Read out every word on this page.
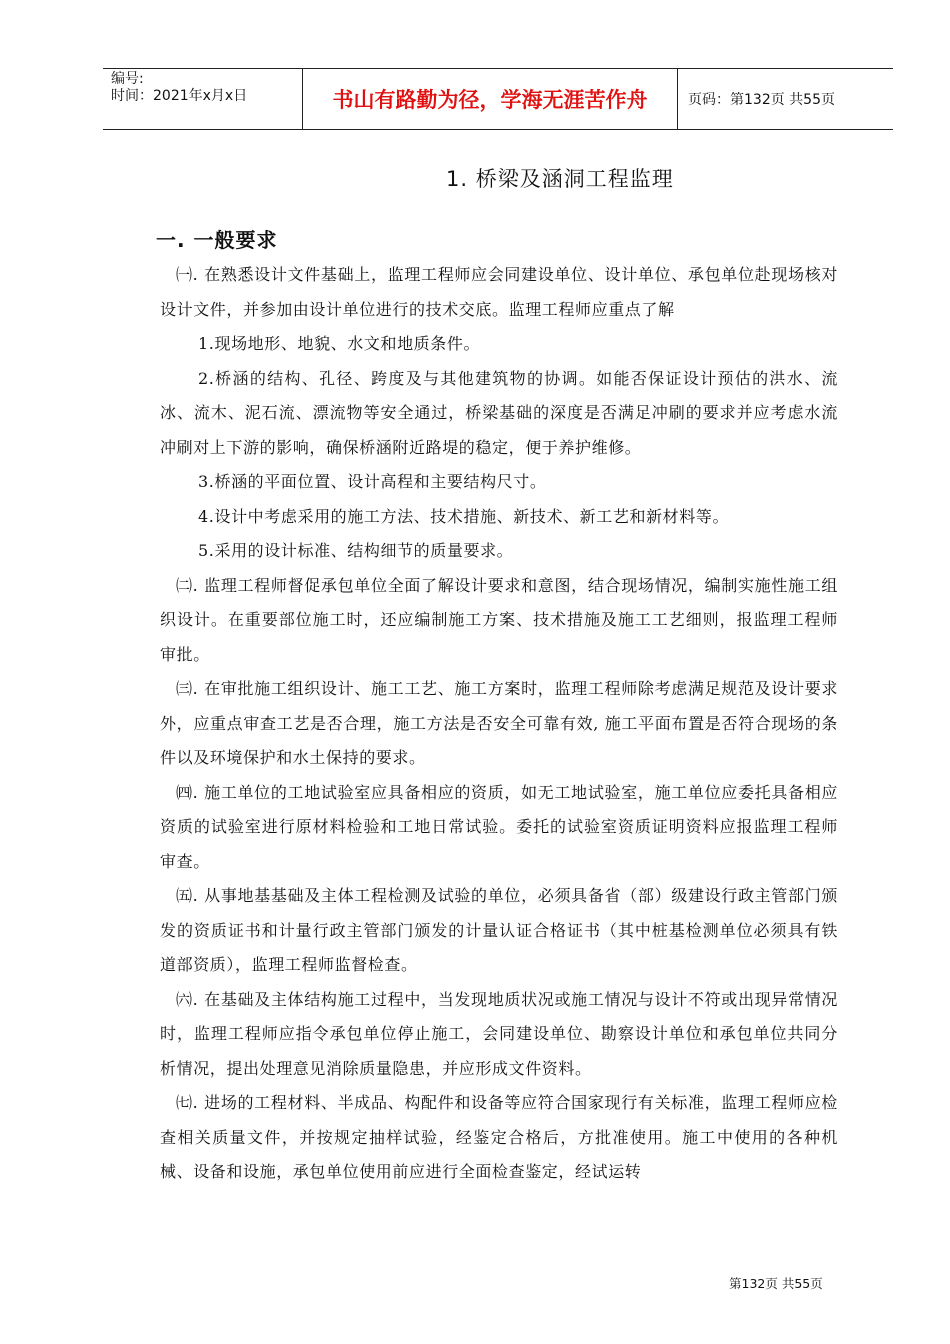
编号:
时间：2021年x月x日	书山有路勤为径，学海无涯苦作舟	页码：第132页 共55页
1. 桥梁及涵洞工程监理
一. 一般要求

㈠. 在熟悉设计文件基础上，监理工程师应会同建设单位、设计单位、承包单位赴现场核对设计文件，并参加由设计单位进行的技术交底。监理工程师应重点了解

1.现场地形、地貌、水文和地质条件。

2.桥涵的结构、孔径、跨度及与其他建筑物的协调。如能否保证设计预估的洪水、流冰、流木、泥石流、漂流物等安全通过，桥梁基础的深度是否满足冲刷的要求并应考虑水流冲刷对上下游的影响，确保桥涵附近路堤的稳定，便于养护维修。

3.桥涵的平面位置、设计高程和主要结构尺寸。

4.设计中考虑采用的施工方法、技术措施、新技术、新工艺和新材料等。

5.采用的设计标准、结构细节的质量要求。

㈡. 监理工程师督促承包单位全面了解设计要求和意图，结合现场情况，编制实施性施工组织设计。在重要部位施工时，还应编制施工方案、技术措施及施工工艺细则，报监理工程师审批。

㈢. 在审批施工组织设计、施工工艺、施工方案时，监理工程师除考虑满足规范及设计要求外，应重点审查工艺是否合理，施工方法是否安全可靠有效, 施工平面布置是否符合现场的条件以及环境保护和水土保持的要求。

㈣. 施工单位的工地试验室应具备相应的资质，如无工地试验室，施工单位应委托具备相应资质的试验室进行原材料检验和工地日常试验。委托的试验室资质证明资料应报监理工程师审查。

㈤. 从事地基基础及主体工程检测及试验的单位，必须具备省（部）级建设行政主管部门颁发的资质证书和计量行政主管部门颁发的计量认证合格证书（其中桩基检测单位必须具有铁道部资质），监理工程师监督检查。

㈥. 在基础及主体结构施工过程中，当发现地质状况或施工情况与设计不符或出现异常情况时，监理工程师应指令承包单位停止施工，会同建设单位、勘察设计单位和承包单位共同分析情况，提出处理意见消除质量隐患，并应形成文件资料。

㈦. 进场的工程材料、半成品、构配件和设备等应符合国家现行有关标准，监理工程师应检查相关质量文件，并按规定抽样试验，经鉴定合格后，方批准使用。施工中使用的各种机械、设备和设施，承包单位使用前应进行全面检查鉴定，经试运转

第132页 共55页
